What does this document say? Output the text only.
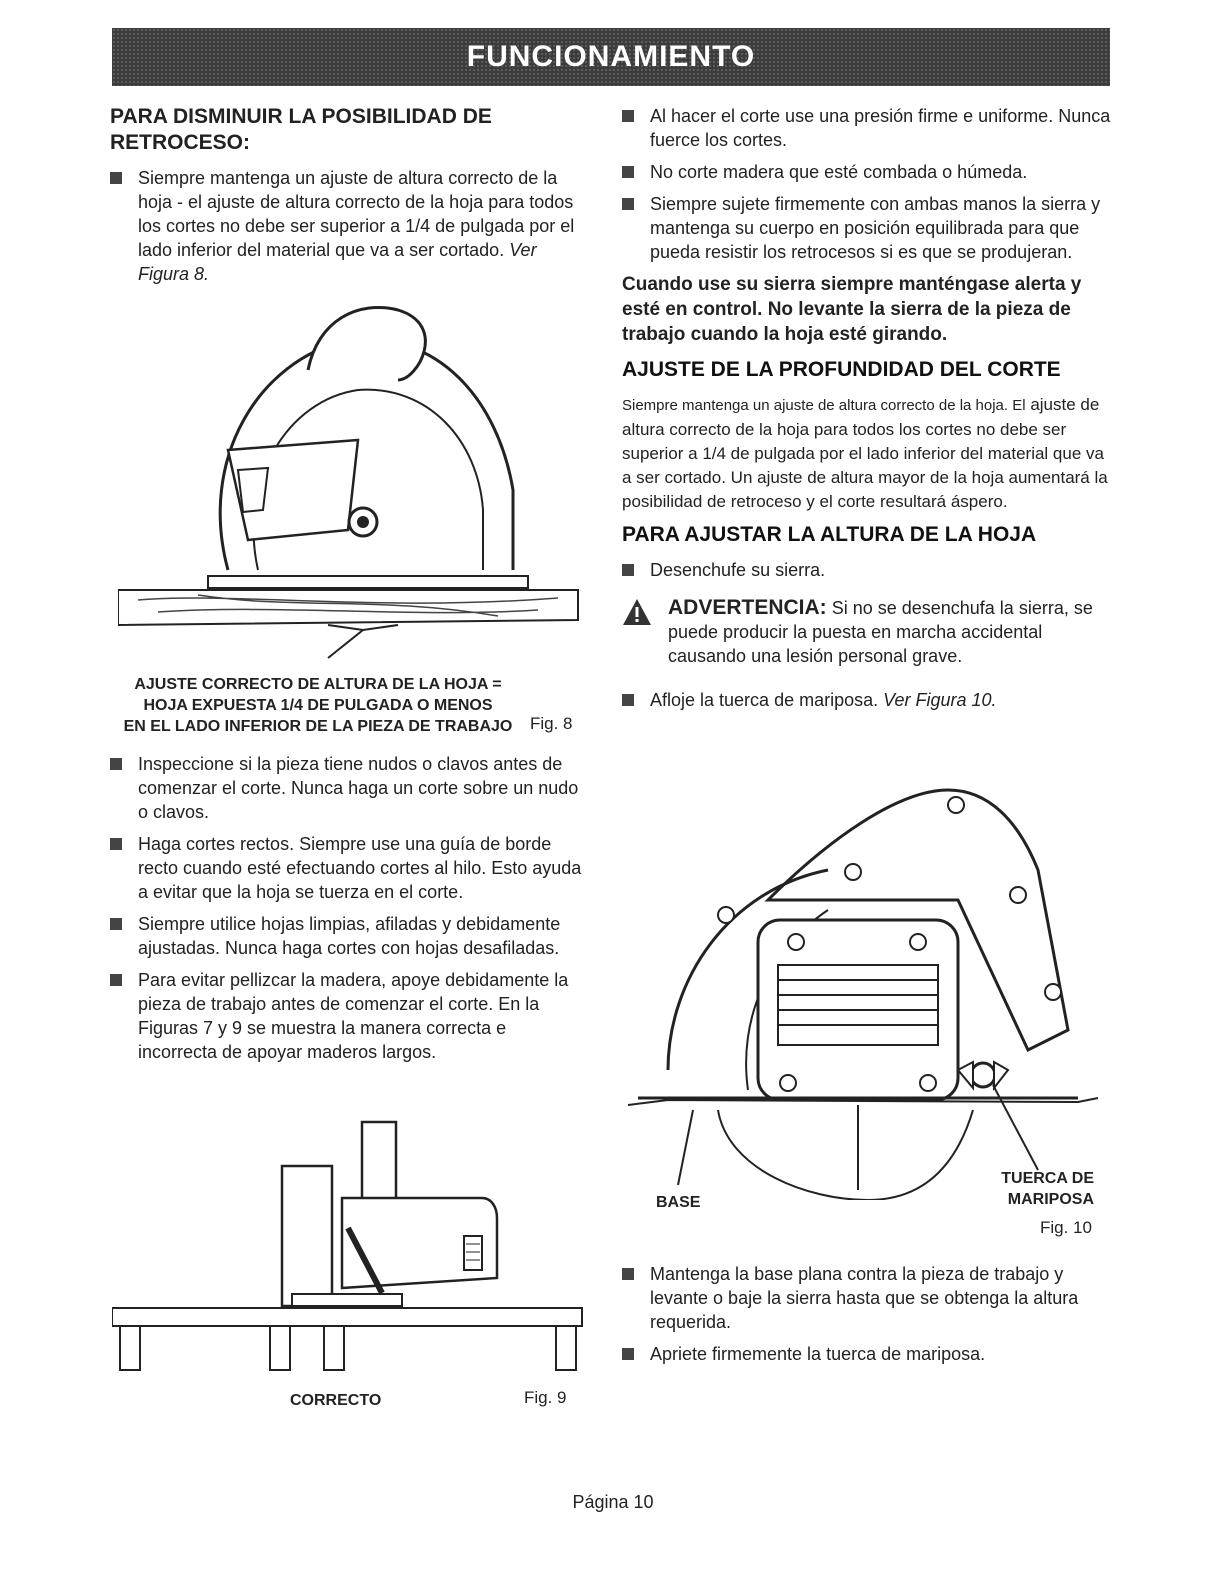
FUNCIONAMIENTO
PARA DISMINUIR LA POSIBILIDAD DE RETROCESO:
Siempre mantenga un ajuste de altura correcto de la hoja - el ajuste de altura correcto de la hoja para todos los cortes no debe ser superior a 1/4 de pulgada por el lado inferior del material que va a ser cortado. Ver Figura 8.
AJUSTE CORRECTO DE ALTURA DE LA HOJA =
HOJA EXPUESTA 1/4 DE PULGADA O MENOS
EN EL LADO INFERIOR DE LA PIEZA DE TRABAJO	Fig. 8
Inspeccione si la pieza tiene nudos o clavos antes de comenzar el corte. Nunca haga un corte sobre un nudo o clavos.
Haga cortes rectos. Siempre use una guía de borde recto cuando esté efectuando cortes al hilo. Esto ayuda a evitar que la hoja se tuerza en el corte.
Siempre utilice hojas limpias, afiladas y debidamente ajustadas. Nunca haga cortes con hojas desafiladas.
Para evitar pellizcar la madera, apoye debidamente la pieza de trabajo antes de comenzar el corte. En la Figuras 7 y 9 se muestra la manera correcta e incorrecta de apoyar maderos largos.
CORRECTO	Fig. 9
Al hacer el corte use una presión firme e uniforme. Nunca fuerce los cortes.
No corte madera que esté combada o húmeda.
Siempre sujete firmemente con ambas manos la sierra y mantenga su cuerpo en posición equilibrada para que pueda resistir los retrocesos si es que se produjeran.
Cuando use su sierra siempre manténgase alerta y esté en control. No levante la sierra de la pieza de trabajo cuando la hoja esté girando.
AJUSTE DE LA PROFUNDIDAD DEL CORTE
Siempre mantenga un ajuste de altura correcto de la hoja. El ajuste de altura correcto de la hoja para todos los cortes no debe ser superior a 1/4 de pulgada por el lado inferior del material que va a ser cortado. Un ajuste de altura mayor de la hoja aumentará la posibilidad de retroceso y el corte resultará áspero.
PARA AJUSTAR LA ALTURA DE LA HOJA
Desenchufe su sierra.
ADVERTENCIA: Si no se desenchufa la sierra, se puede producir la puesta en marcha accidental causando una lesión personal grave.
Afloje la tuerca de mariposa. Ver Figura 10.
BASE
TUERCA DE
MARIPOSA
Fig. 10
Mantenga la base plana contra la pieza de trabajo y levante o baje la sierra hasta que se obtenga la altura requerida.
Apriete firmemente la tuerca de mariposa.
Página 10
